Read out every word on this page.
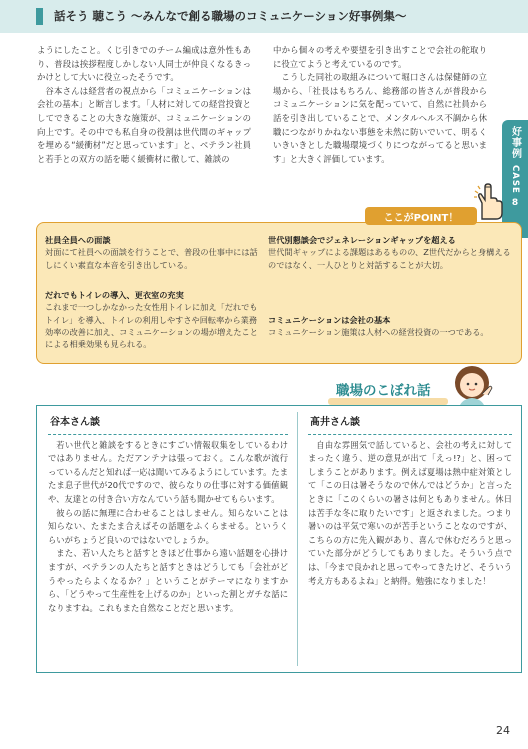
話そう 聴こう ～みんなで創る職場のコミュニケーション好事例集～

ようにしたこと。くじ引きでのチーム編成は意外性もあり、普段は挨拶程度しかしない人同士が仲良くなるきっかけとして大いに役立ったそうです。

谷本さんは経営者の視点から「コミュニケーションは会社の基本」と断言します。「人材に対しての経営投資としてできることの大きな施策が、コミュニケーションの向上です。その中でも私自身の役割は世代間のギャップを埋める“緩衝材”だと思っています」と、ベテラン社員と若手との双方の話を聴く緩衝材に徹して、雑談の

中から個々の考えや要望を引き出すことで会社の舵取りに役立てようと考えているのです。

こうした同社の取組みについて堀口さんは保健師の立場から、「社長はもちろん、総務部の皆さんが普段からコミュニケーションに気を配っていて、自然に社員から話を引き出していることで、メンタルヘルス不調から休職につながりかねない事態を未然に防いでいて、明るくいきいきとした職場環境づくりにつながってると思います」と大きく評価しています。	好事例
CASE
8
ここがPOINT！
社員全員への面談
対面にて社員への面談を行うことで、普段の仕事中には話しにくい素直な本音を引き出している。
だれでもトイレの導入、更衣室の充実
これまで一つしかなかった女性用トイレに加え「だれでもトイレ」を導入、トイレの利用しやすさや回転率から業務効率の改善に加え、コミュニケーションの場が増えたことによる相乗効果も見られる。
世代別懇談会でジェネレーションギャップを超える
世代間ギャップによる課題はあるものの、Z世代だからと身構えるのではなく、一人ひとりと対話することが大切。
コミュニケーションは会社の基本
コミュニケーション施策は人材への経営投資の一つである。
職場のこぼれ話
谷本さん談

若い世代と雑談をするときにすごい情報収集をしているわけではありません。ただアンテナは張っておく。こんな歌が流行っているんだと知れば一応は聞いてみるようにしています。たまたま息子世代が20代ですので、彼らなりの仕事に対する価値観や、友達との付き合い方なんていう話も聞かせてもらいます。

彼らの話に無理に合わせることはしません。知らないことは知らない、たまたま合えばその話題をふくらませる。というくらいがちょうど良いのではないでしょうか。

また、若い人たちと話すときほど仕事から遠い話題を心掛けますが、ベテランの人たちと話すときはどうしても「会社がどうやったらよくなるか？」ということがテーマになりますから、「どうやって生産性を上げるのか」といった割とガチな話になりますね。これもまた自然なことだと思います。

髙井さん談

自由な雰囲気で話していると、会社の考えに対してまったく違う、逆の意見が出て「えっ!?」と、困ってしまうことがあります。例えば夏場は熱中症対策として「この日は暑そうなので休んではどうか」と言ったときに「このくらいの暑さは何ともありません。休日は苦手な冬に取りたいです」と返されました。つまり暑いのは平気で寒いのが苦手ということなのですが、こちらの方に先入観があり、喜んで休むだろうと思っていた部分がどうしてもありました。そういう点では、「今まで良かれと思ってやってきたけど、そういう考え方もあるよね」と納得。勉強になりました！

24
